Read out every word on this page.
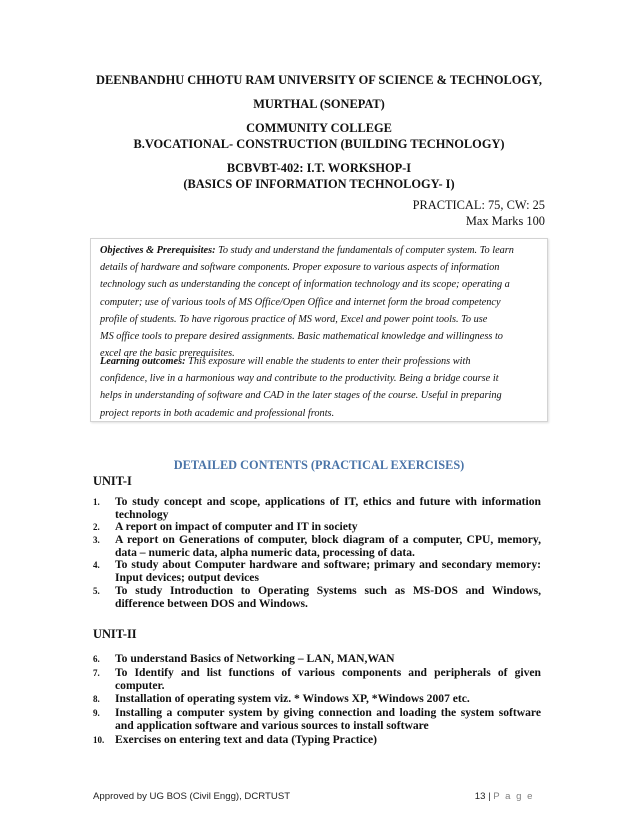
DEENBANDHU CHHOTU RAM UNIVERSITY OF SCIENCE & TECHNOLOGY,
MURTHAL (SONEPAT)
COMMUNITY COLLEGE
B.VOCATIONAL- CONSTRUCTION (BUILDING TECHNOLOGY)
BCBVBT-402: I.T. WORKSHOP-I
(BASICS OF INFORMATION TECHNOLOGY- I)
PRACTICAL: 75, CW: 25
Max Marks 100
Objectives & Prerequisites: To study and understand the fundamentals of computer system. To learn
details of hardware and software components. Proper exposure to various aspects of information
technology such as understanding the concept of information technology and its scope; operating a
computer; use of various tools of MS Office/Open Office and internet form the broad competency
profile of students. To have rigorous practice of MS word, Excel and power point tools. To use
MS office tools to prepare desired assignments. Basic mathematical knowledge and willingness to
excel are the basic prerequisites.
Learning outcomes: This exposure will enable the students to enter their professions with
confidence, live in a harmonious way and contribute to the productivity. Being a bridge course it
helps in understanding of software and CAD in the later stages of the course. Useful in preparing
project reports in both academic and professional fronts.
DETAILED CONTENTS (PRACTICAL EXERCISES)
UNIT-I
1. To study concept and scope, applications of IT, ethics and future with information technology
2. A report on impact of computer and IT in society
3. A report on Generations of computer, block diagram of a computer, CPU, memory, data – numeric data, alpha numeric data, processing of data.
4. To study about Computer hardware and software; primary and secondary memory: Input devices; output devices
5. To study Introduction to Operating Systems such as MS-DOS and Windows, difference between DOS and Windows.
UNIT-II
6. To understand Basics of Networking – LAN, MAN,WAN
7. To Identify and list functions of various components and peripherals of given computer.
8. Installation of operating system viz. * Windows XP, *Windows 2007 etc.
9. Installing a computer system by giving connection and loading the system software and application software and various sources to install software
10. Exercises on entering text and data (Typing Practice)
Approved by UG BOS (Civil Engg), DCRTUST	13 | P a g e
